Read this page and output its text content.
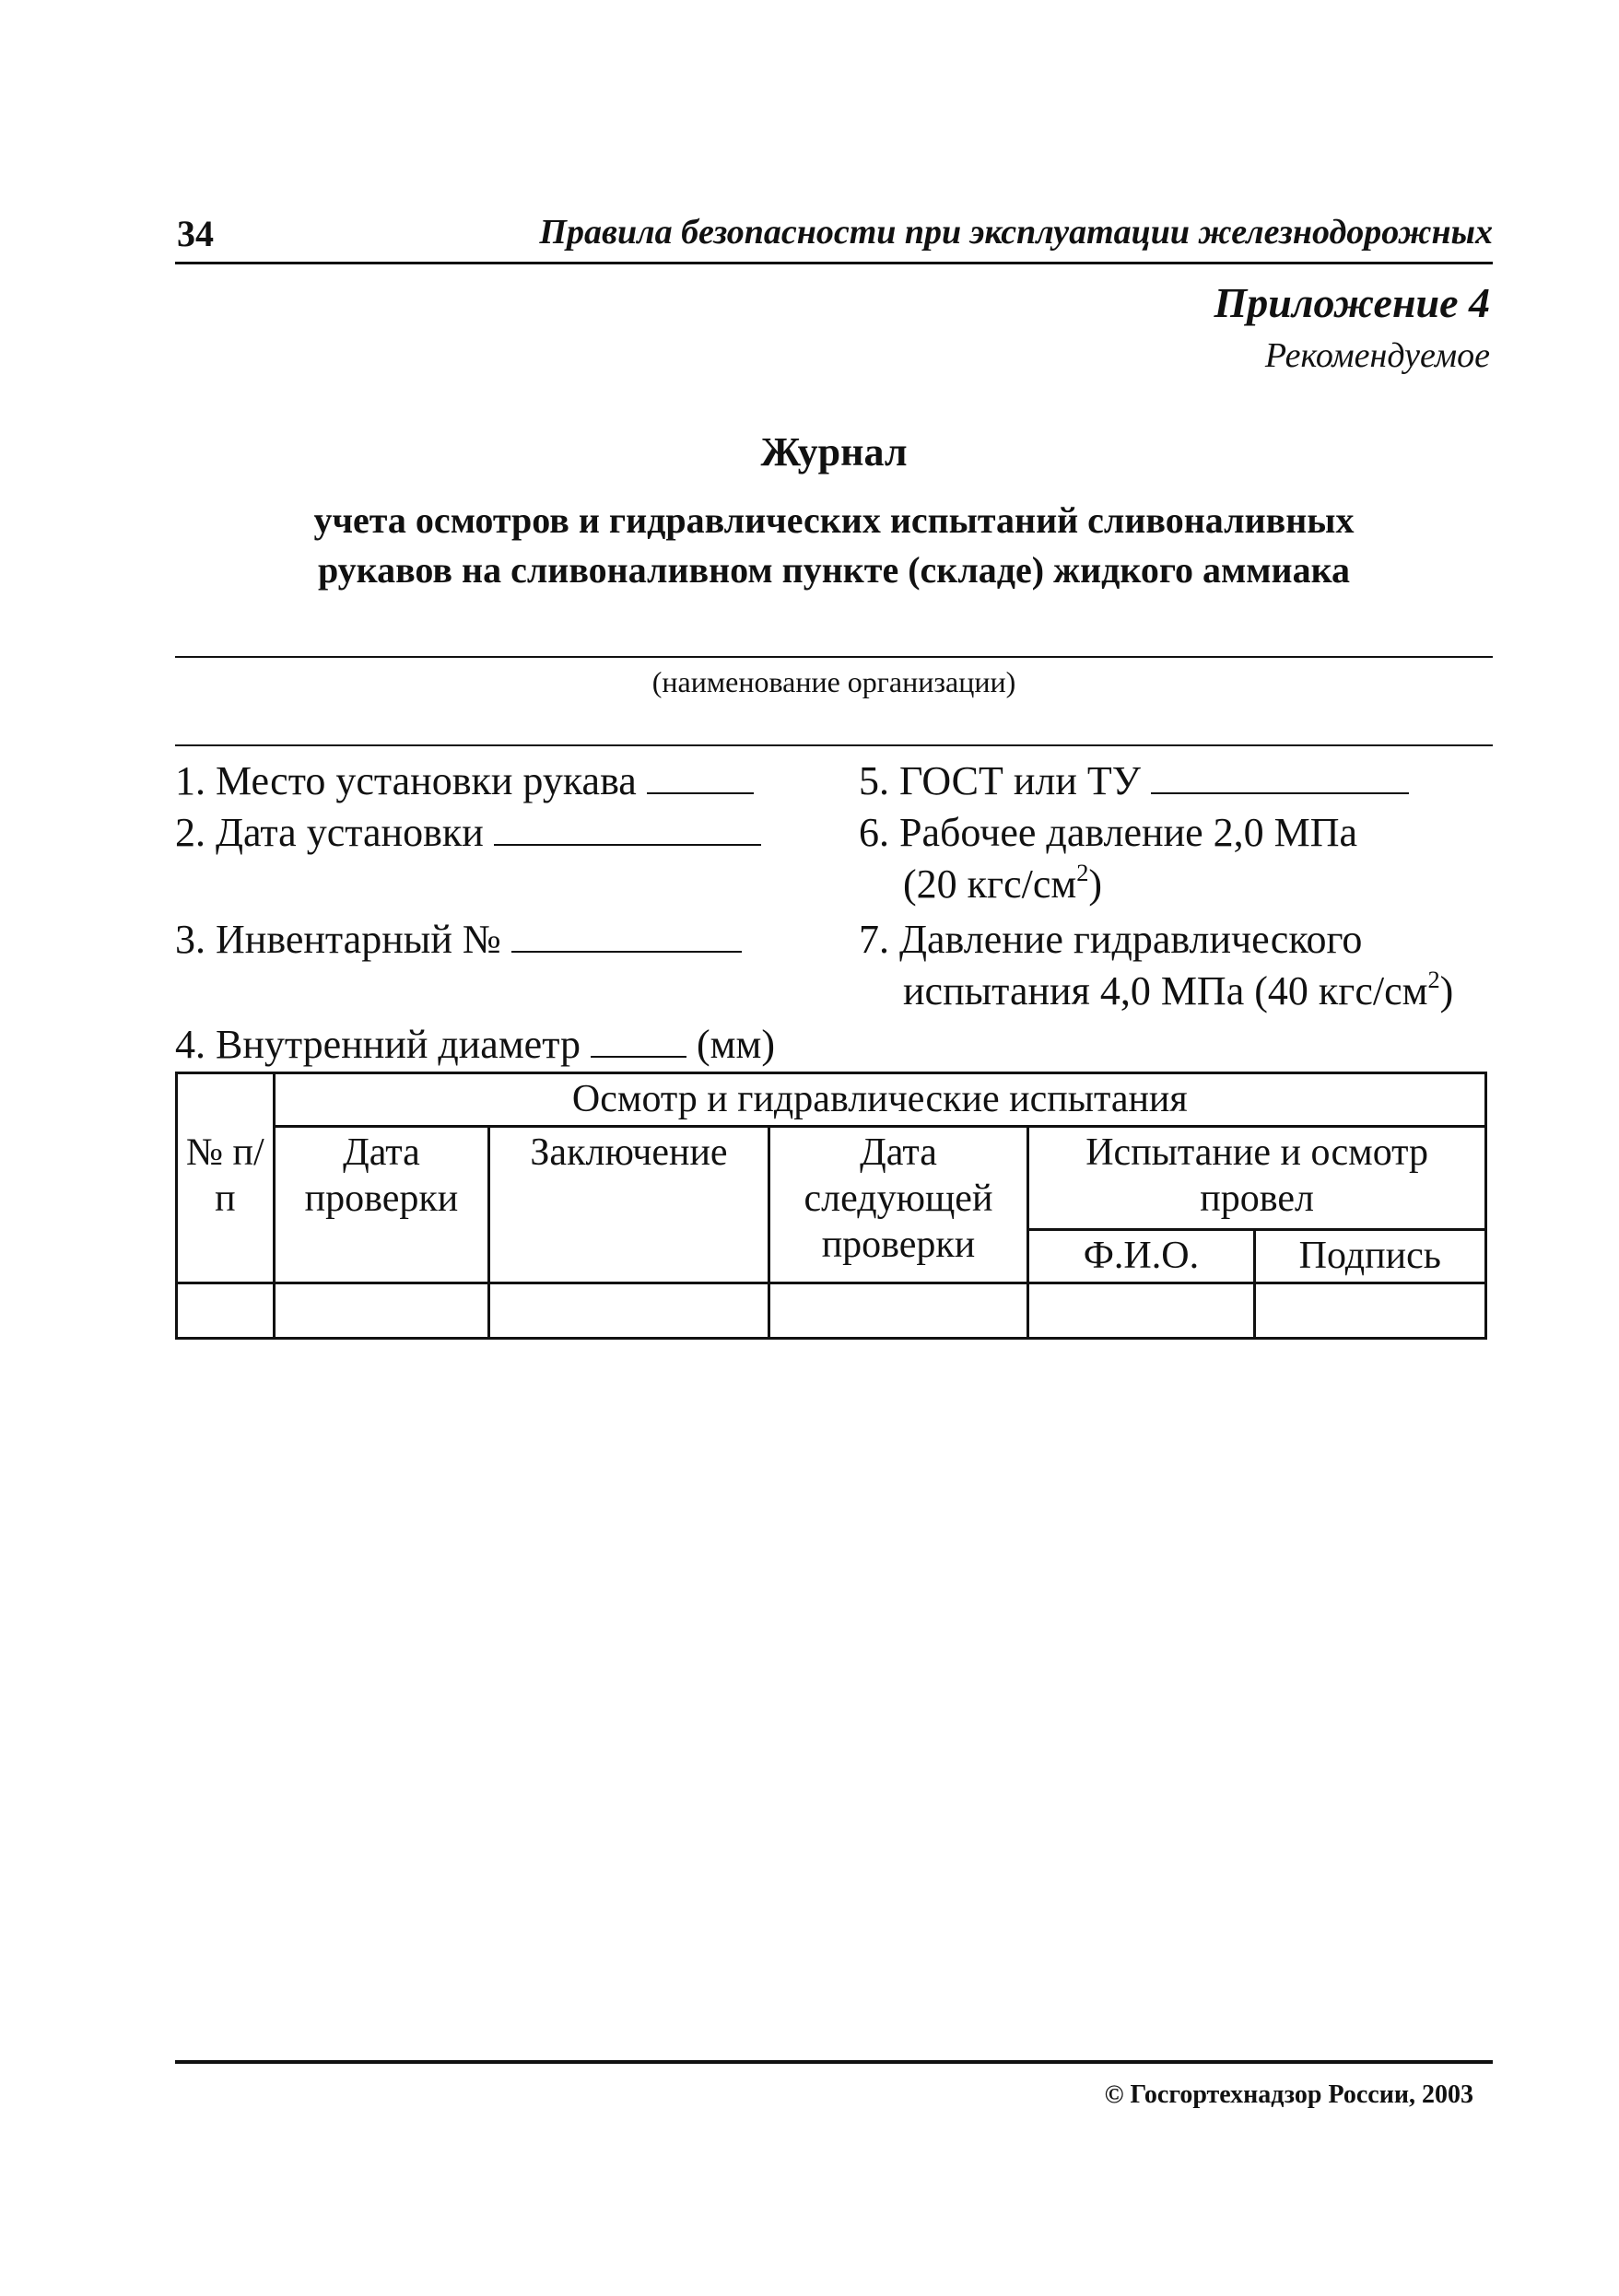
34	Правила безопасности при эксплуатации железнодорожных
Приложение 4
Рекомендуемое
Журнал
учета осмотров и гидравлических испытаний сливоналивных
рукавов на сливоналивном пункте (складе) жидкого аммиака
(наименование организации)
1. Место установки рукава
2. Дата установки
3. Инвентарный №
4. Внутренний диаметр	(мм)
5. ГОСТ или ТУ
6. Рабочее давление 2,0 МПа
(20 кгс/$см^2$)
7. Давление гидравлического
испытания 4,0 МПа (40 кгс/$см^2$)
№ п/п	Осмотр и гидравлические испытания				
	Дата проверки	Заключение	Дата следующей проверки	Испытание и осмотр провел	
				Ф.И.О.	Подпись

© Госгортехнадзор России, 2003
